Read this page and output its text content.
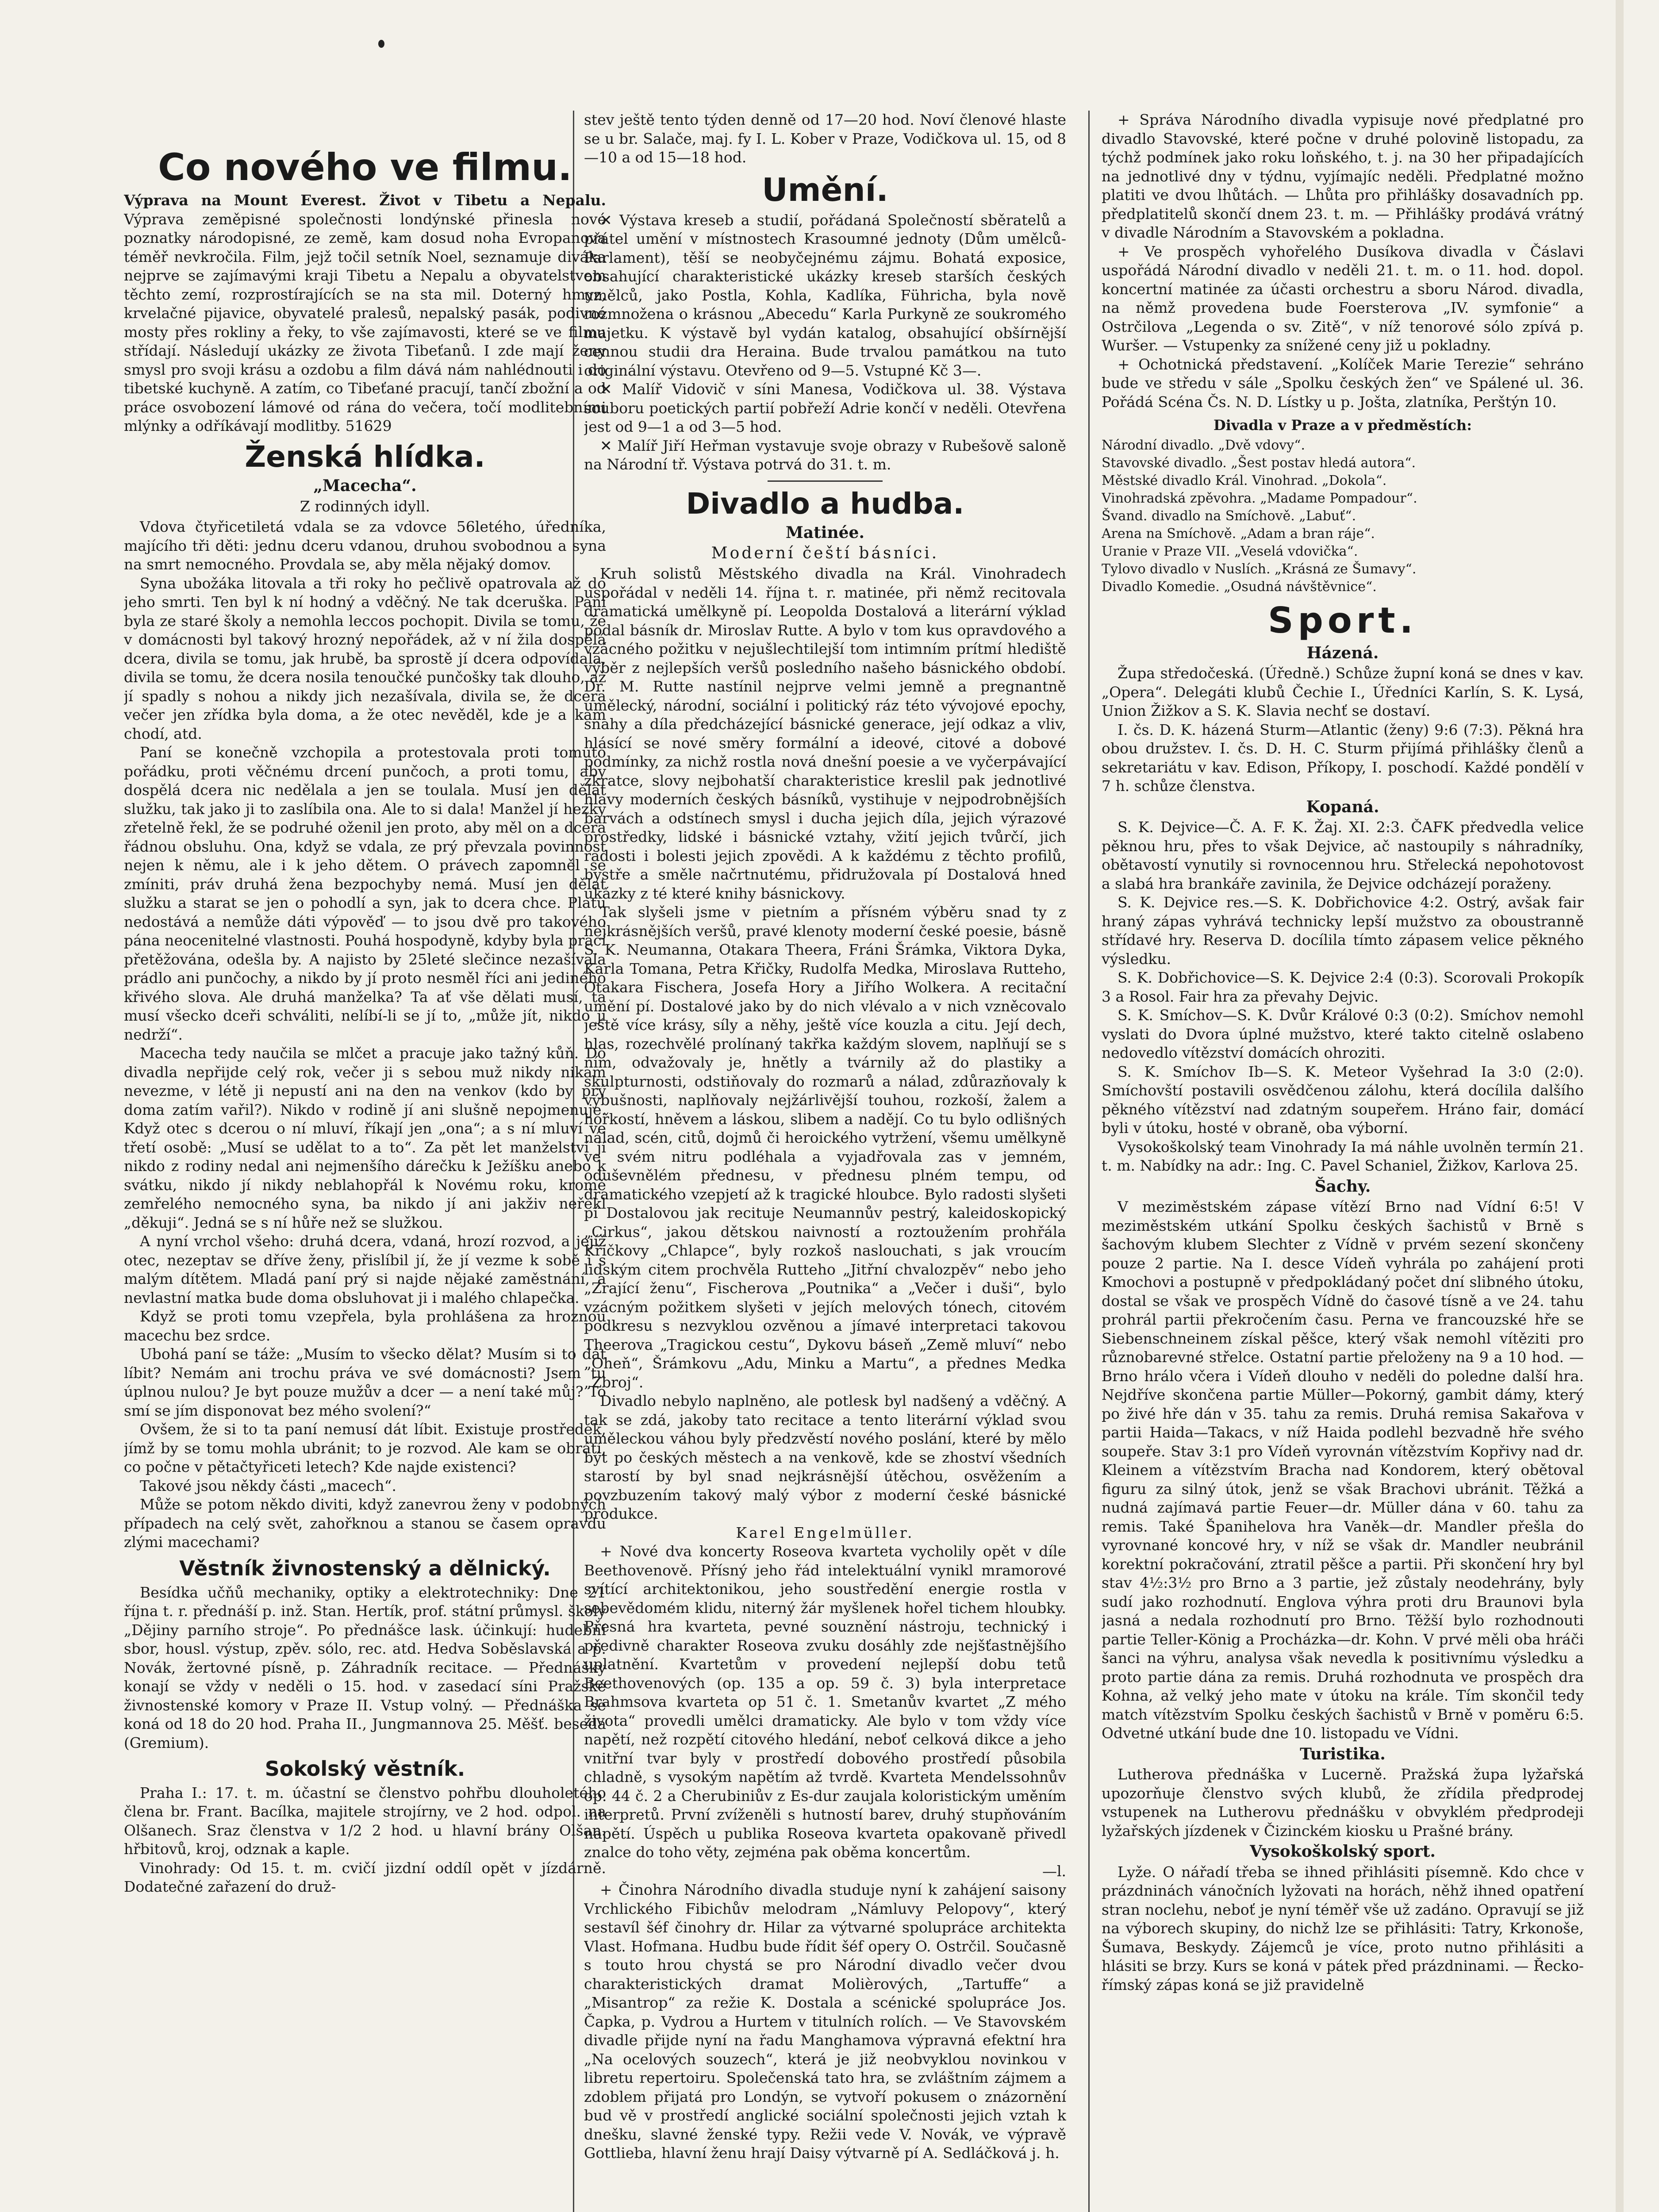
Co nového ve filmu.

Výprava na Mount Everest. Život v Tibetu a Nepalu. Výprava zeměpisné společnosti londýnské přinesla nové poznatky národopisné, ze země, kam dosud noha Evropanova téměř nevkročila. Film, jejž točil setník Noel, seznamuje diváka nejprve se zajímavými kraji Tibetu a Nepalu a obyvatelstvem těchto zemí, rozprostírajících se na sta mil. Doterný hmyz, krvelačné pijavice, obyvatelé pralesů, nepalský pasák, podivné mosty přes rokliny a řeky, to vše zajímavosti, které se ve filmu střídají. Následují ukázky ze života Tibeťanů. I zde mají ženy smysl pro svoji krásu a ozdobu a film dává nám nahlédnouti i do tibetské kuchyně. A zatím, co Tibeťané pracují, tančí zbožní a od práce osvobození lámové od rána do večera, točí modlitebními mlýnky a odříkávají modlitby. 51629

Ženská hlídka.
„Macecha“.
Z rodinných idyll.

Vdova čtyřicetiletá vdala se za vdovce 56letého, úředníka, majícího tři děti: jednu dceru vdanou, druhou svobodnou a syna na smrt nemocného. Provdala se, aby měla nějaký domov.

Syna ubožáka litovala a tři roky ho pečlivě opatrovala až do jeho smrti. Ten byl k ní hodný a vděčný. Ne tak dceruška. Paní byla ze staré školy a nemohla leccos pochopit. Divila se tomu, že v domácnosti byl takový hrozný nepořádek, až v ní žila dospělá dcera, divila se tomu, jak hrubě, ba sprostě jí dcera odpovídala, divila se tomu, že dcera nosila tenoučké punčošky tak dlouho, až jí spadly s nohou a nikdy jich nezašívala, divila se, že dcera večer jen zřídka byla doma, a že otec nevěděl, kde je a kam chodí, atd.

Paní se konečně vzchopila a protestovala proti tomuto pořádku, proti věčnému drcení punčoch, a proti tomu, aby dospělá dcera nic nedělala a jen se toulala. Musí jen dělat služku, tak jako ji to zaslíbila ona. Ale to si dala! Manžel jí hezky zřetelně řekl, že se podruhé oženil jen proto, aby měl on a dcera řádnou obsluhu. Ona, když se vdala, ze prý převzala povinnost nejen k němu, ale i k jeho dětem. O právech zapomněl se zmíniti, práv druhá žena bezpochyby nemá. Musí jen dělat služku a starat se jen o pohodlí a syn, jak to dcera chce. Platu nedostává a nemůže dáti výpověď — to jsou dvě pro takového pána neocenitelné vlastnosti. Pouhá hospodyně, kdyby byla prací přetěžována, odešla by. A najisto by 25leté slečince nezašívala prádlo ani punčochy, a nikdo by jí proto nesměl říci ani jediného křivého slova. Ale druhá manželka? Ta ať vše dělati musí, ta musí všecko dceři schváliti, nelíbí-li se jí to, „může jít, nikdo ji nedrží“.

Macecha tedy naučila se mlčet a pracuje jako tažný kůň. Do divadla nepřijde celý rok, večer ji s sebou muž nikdy nikam nevezme, v létě ji nepustí ani na den na venkov (kdo by prý doma zatím vařil?). Nikdo v rodině jí ani slušně nepojmenuje. Když otec s dcerou o ní mluví, říkají jen „ona“; a s ní mluví ve třetí osobě: „Musí se udělat to a to“. Za pět let manželství jí nikdo z rodiny nedal ani nejmenšího dárečku k Ježíšku anebo k svátku, nikdo jí nikdy neblahopřál k Novému roku, kromě zemřelého nemocného syna, ba nikdo jí ani jakživ neřekl „děkuji“. Jedná se s ní hůře než se služkou.

A nyní vrchol všeho: druhá dcera, vdaná, hrozí rozvod, a jejíž otec, nezeptav se dříve ženy, přislíbil jí, že jí vezme k sobě i s malým dítětem. Mladá paní prý si najde nějaké zaměstnání, a nevlastní matka bude doma obsluhovat ji i malého chlapečka.

Když se proti tomu vzepřela, byla prohlášena za hroznou macechu bez srdce.

Ubohá paní se táže: „Musím to všecko dělat? Musím si to dát líbit? Nemám ani trochu práva ve své domácnosti? Jsem tu úplnou nulou? Je byt pouze mužův a dcer — a není také můj? To smí se jím disponovat bez mého svolení?“

Ovšem, že si to ta paní nemusí dát líbit. Existuje prostředek, jímž by se tomu mohla ubránit; to je rozvod. Ale kam se obrátí, co počne v pětačtyřiceti letech? Kde najde existenci?

Takové jsou někdy části „macech“.

Může se potom někdo diviti, když zanevrou ženy v podobných případech na celý svět, zahořknou a stanou se časem opravdu zlými macechami?

Věstník živnostenský a dělnický.

Besídka učňů mechaniky, optiky a elektrotechniky: Dne 21 října t. r. přednáší p. inž. Stan. Hertík, prof. státní průmysl. školy „Dějiny parního stroje“. Po přednášce lask. účinkují: hudební sbor, housl. výstup, zpěv. sólo, rec. atd. Hedva Soběslavská a p. Novák, žertovné písně, p. Záhradník recitace. — Přednášky konají se vždy v neděli o 15. hod. v zasedací síni Pražské živnostenské komory v Praze II. Vstup volný. — Přednáška se koná od 18 do 20 hod. Praha II., Jungmannova 25. Měšť. beseda (Gremium).

Sokolský věstník.

Praha I.: 17. t. m. účastní se členstvo pohřbu dlouholetého člena br. Frant. Bacílka, majitele strojírny, ve 2 hod. odpol. na Olšanech. Sraz členstva v 1/2 2 hod. u hlavní brány Olšan. hřbitovů, kroj, odznak a kaple.

Vinohrady: Od 15. t. m. cvičí jizdní oddíl opět v jízdárně. Dodatečné zařazení do druž-

stev ještě tento týden denně od 17—20 hod. Noví členové hlaste se u br. Salače, maj. fy I. L. Kober v Praze, Vodičkova ul. 15, od 8—10 a od 15—18 hod.

Umění.

✕ Výstava kreseb a studií, pořádaná Společností sběratelů a přátel umění v místnostech Krasoumné jednoty (Dům umělců-Parlament), těší se neobyčejnému zájmu. Bohatá exposice, obsahující charakteristické ukázky kreseb starších českých umělců, jako Postla, Kohla, Kadlíka, Führicha, byla nově rozmnožena o krásnou „Abecedu“ Karla Purkyně ze soukromého majetku. K výstavě byl vydán katalog, obsahující obšírnější cennou studii dra Heraina. Bude trvalou památkou na tuto originální výstavu. Otevřeno od 9—5. Vstupné Kč 3—.

✕ Malíř Vidovič v síni Manesa, Vodičkova ul. 38. Výstava souboru poetických partií pobřeží Adrie končí v neděli. Otevřena jest od 9—1 a od 3—5 hod.

✕ Malíř Jiří Heřman vystavuje svoje obrazy v Rubešově saloně na Národní tř. Výstava potrvá do 31. t. m.

Divadlo a hudba.
Matinée.
Moderní čeští básníci.

Kruh solistů Městského divadla na Král. Vinohradech uspořádal v neděli 14. října t. r. matinée, při němž recitovala dramatická umělkyně pí. Leopolda Dostalová a literární výklad podal básník dr. Miroslav Rutte. A bylo v tom kus opravdového a vzácného požitku v nejušlechtilejší tom intimním prítmí hlediště výběr z nejlepších veršů posledního našeho básnického období. Dr. M. Rutte nastínil nejprve velmi jemně a pregnantně umělecký, národní, sociální i politický ráz této vývojové epochy, snahy a díla předcházející básnické generace, její odkaz a vliv, hlásící se nové směry formální a ideové, citové a dobové podmínky, za nichž rostla nová dnešní poesie a ve vyčerpávající zkratce, slovy nejbohatší charakteristice kreslil pak jednotlivé hlavy moderních českých básníků, vystihuje v nejpodrobnějších barvách a odstínech smysl i ducha jejich díla, jejich výrazové prostředky, lidské i básnické vztahy, vžití jejich tvůrčí, jich radosti i bolesti jejich zpovědi. A k každému z těchto profilů, bystře a směle načrtnutému, přidružovala pí Dostalová hned ukázky z té které knihy básnickovy.

Tak slyšeli jsme v pietním a přísném výběru snad ty z nejkrásnějších veršů, pravé klenoty moderní české poesie, básně S. K. Neumanna, Otakara Theera, Fráni Šrámka, Viktora Dyka, Karla Tomana, Petra Křičky, Rudolfa Medka, Miroslava Rutteho, Otakara Fischera, Josefa Hory a Jiřího Wolkera. A recitační umění pí. Dostalové jako by do nich vlévalo a v nich vzněcovalo ještě více krásy, síly a něhy, ještě více kouzla a citu. Její dech, hlas, rozechvělé prolínaný takřka každým slovem, naplňují se s ním, odvažovaly je, hnětly a tvárnily až do plastiky a skulpturnosti, odstiňovaly do rozmarů a nálad, zdůrazňovaly k výbušnosti, naplňovaly nejžárlivější touhou, rozkoší, žalem a hořkostí, hněvem a láskou, slibem a nadějí. Co tu bylo odlišných nálad, scén, citů, dojmů či heroického vytržení, všemu umělkyně ve svém nitru podléhala a vyjadřovala zas v jemném, oduševnělém přednesu, v přednesu plném tempu, od dramatického vzepjetí až k tragické hloubce. Bylo radosti slyšeti pí Dostalovou jak recituje Neumannův pestrý, kaleidoskopický „Cirkus“, jakou dětskou naivností a roztoužením prohřála Křičkovy „Chlapce“, byly rozkoš naslouchati, s jak vroucím lidským citem prochvěla Rutteho „Jitřní chvalozpěv“ nebo jeho „Zrající ženu“, Fischerova „Poutnika“ a „Večer i duši“, bylo vzácným požitkem slyšeti v jejích melových tónech, citovém podkresu s nezvyklou ozvěnou a jímavé interpretaci takovou Theerova „Tragickou cestu“, Dykovu báseň „Země mluví“ nebo „Oheň“, Šrámkovu „Adu, Minku a Martu“, a přednes Medka „Zbroj“.

Divadlo nebylo naplněno, ale potlesk byl nadšený a vděčný. A tak se zdá, jakoby tato recitace a tento literární výklad svou uměleckou váhou byly předzvěstí nového poslání, které by mělo být po českých městech a na venkově, kde se zhoství všedních starostí by byl snad nejkrásnější útěchou, osvěžením a povzbuzením takový malý výbor z moderní české básnické produkce.

Karel Engelmüller.

+ Nové dva koncerty Roseova kvarteta vycholily opět v díle Beethovenově. Přísný jeho řád intelektuální vynikl mramorové svítící architektonikou, jeho soustředění energie rostla v sebevědomém klidu, niterný žár myšlenek hořel tichem hloubky. Přesná hra kvarteta, pevné souznění nástroju, technický i předivně charakter Roseova zvuku dosáhly zde nejšťastnějšího uplatnění. Kvartetům v provedení nejlepší dobu tetů Beethovenových (op. 135 a op. 59 č. 3) byla interpretace Brahmsova kvarteta op 51 č. 1. Smetanův kvartet „Z mého života“ provedli umělci dramaticky. Ale bylo v tom vždy více napětí, než rozpětí citového hledání, neboť celková dikce a jeho vnitřní tvar byly v prostředí dobového prostředí působila chladně, s vysokým napětím až tvrdě. Kvarteta Mendelssohnův op. 44 č. 2 a Cherubiniův z Es-dur zaujala koloristickým uměním interpretů. První zvíženěli s hutností barev, druhý stupňováním napětí. Úspěch u publika Roseova kvarteta opakovaně přivedl znalce do toho věty, zejména pak oběma koncertům.

—l.

+ Činohra Národního divadla studuje nyní k zahájení saisony Vrchlického Fibichův melodram „Námluvy Pelopovy“, který sestavíl šéf činohry dr. Hilar za výtvarné spolupráce architekta Vlast. Hofmana. Hudbu bude řídit šéf opery O. Ostrčil. Současně s touto hrou chystá se pro Národní divadlo večer dvou charakteristických dramat Molièrových, „Tartuffe“ a „Misantrop“ za režie K. Dostala a scénické spolupráce Jos. Čapka, p. Vydrou a Hurtem v titulních rolích. — Ve Stavovském divadle přijde nyní na řadu Manghamova výpravná efektní hra „Na ocelových souzech“, která je již neobvyklou novinkou v libretu repertoiru. Společenská tato hra, se zvláštním zájmem a zdoblem přijatá pro Londýn, se vytvoří pokusem o znázornění bud vě v prostředí anglické sociální společnosti jejich vztah k dnešku, slavné ženské typy. Režii vede V. Novák, ve výpravě Gottlieba, hlavní ženu hrají Daisy výtvarně pí A. Sedláčková j. h.

+ Správa Národního divadla vypisuje nové předplatné pro divadlo Stavovské, které počne v druhé polovině listopadu, za týchž podmínek jako roku loňského, t. j. na 30 her připadajících na jednotlivé dny v týdnu, vyjímajíc neděli. Předplatné možno platiti ve dvou lhůtách. — Lhůta pro přihlášky dosavadních pp. předplatitelů skončí dnem 23. t. m. — Přihlášky prodává vrátný v divadle Národním a Stavovském a pokladna.

+ Ve prospěch vyhořelého Dusíkova divadla v Čáslavi uspořádá Národní divadlo v neděli 21. t. m. o 11. hod. dopol. koncertní matinée za účasti orchestru a sboru Národ. divadla, na němž provedena bude Foersterova „IV. symfonie“ a Ostrčilova „Legenda o sv. Zitě“, v níž tenorové sólo zpívá p. Wuršer. — Vstupenky za snížené ceny již u pokladny.

+ Ochotnická představení. „Kolíček Marie Terezie“ sehráno bude ve středu v sále „Spolku českých žen“ ve Spálené ul. 36. Pořádá Scéna Čs. N. D. Lístky u p. Jošta, zlatníka, Perštýn 10.

Divadla v Praze a v předměstích:
Národní divadlo. „Dvě vdovy“.
Stavovské divadlo. „Šest postav hledá autora“.
Městské divadlo Král. Vinohrad. „Dokola“.
Vinohradská zpěvohra. „Madame Pompadour“.
Švand. divadlo na Smíchově. „Labuť“.
Arena na Smíchově. „Adam a bran ráje“.
Uranie v Praze VII. „Veselá vdovička“.
Tylovo divadlo v Nuslích. „Krásná ze Šumavy“.
Divadlo Komedie. „Osudná návštěvnice“.
Sport.
Házená.

Župa středočeská. (Úředně.) Schůze župní koná se dnes v kav. „Opera“. Delegáti klubů Čechie I., Úředníci Karlín, S. K. Lysá, Union Žižkov a S. K. Slavia nechť se dostaví.

I. čs. D. K. házená Sturm—Atlantic (ženy) 9:6 (7:3). Pěkná hra obou družstev. I. čs. D. H. C. Sturm přijímá přihlášky členů a sekretariátu v kav. Edison, Příkopy, I. poschodí. Každé pondělí v 7 h. schůze členstva.

Kopaná.

S. K. Dejvice—Č. A. F. K. Žaj. XI. 2:3. ČAFK předvedla velice pěknou hru, přes to však Dejvice, ač nastoupily s náhradníky, obětavostí vynutily si rovnocennou hru. Střelecká nepohotovost a slabá hra brankáře zavinila, že Dejvice odcházejí poraženy.

S. K. Dejvice res.—S. K. Dobřichovice 4:2. Ostrý, avšak fair hraný zápas vyhrává technicky lepší mužstvo za oboustranně střídavé hry. Reserva D. docílila tímto zápasem velice pěkného výsledku.

S. K. Dobřichovice—S. K. Dejvice 2:4 (0:3). Scorovali Prokopík 3 a Rosol. Fair hra za převahy Dejvic.

S. K. Smíchov—S. K. Dvůr Králové 0:3 (0:2). Smíchov nemohl vyslati do Dvora úplné mužstvo, které takto citelně oslabeno nedovedlo vítězství domácích ohroziti.

S. K. Smíchov Ib—S. K. Meteor Vyšehrad Ia 3:0 (2:0). Smíchovští postavili osvědčenou zálohu, která docílila dalšího pěkného vítězství nad zdatným soupeřem. Hráno fair, domácí byli v útoku, hosté v obraně, oba výborní.

Vysokoškolský team Vinohrady Ia má náhle uvolněn termín 21. t. m. Nabídky na adr.: Ing. C. Pavel Schaniel, Žižkov, Karlova 25.

Šachy.

V meziměstském zápase vítězí Brno nad Vídní 6:5! V meziměstském utkání Spolku českých šachistů v Brně s šachovým klubem Slechter z Vídně v prvém sezení skončeny pouze 2 partie. Na I. desce Vídeň vyhrála po zahájení proti Kmochovi a postupně v předpokládaný počet dní slibného útoku, dostal se však ve prospěch Vídně do časové tísně a ve 24. tahu prohrál partii překročením času. Perna ve francouzské hře se Siebenschneinem získal pěšce, který však nemohl vítěziti pro různobarevné střelce. Ostatní partie přeloženy na 9 a 10 hod. — Brno hrálo včera i Vídeň dlouho v neděli do poledne další hra. Nejdříve skončena partie Müller—Pokorný, gambit dámy, který po živé hře dán v 35. tahu za remis. Druhá remisa Sakařova v partii Haida—Takacs, v níž Haida podlehl bezvadně hře svého soupeře. Stav 3:1 pro Vídeň vyrovnán vítězstvím Kopřivy nad dr. Kleinem a vítězstvím Bracha nad Kondorem, který obětoval figuru za silný útok, jenž se však Brachovi ubránit. Těžká a nudná zajímavá partie Feuer—dr. Müller dána v 60. tahu za remis. Také Španihelova hra Vaněk—dr. Mandler přešla do vyrovnané koncové hry, v níž se však dr. Mandler neubránil korektní pokračování, ztratil pěšce a partii. Při skončení hry byl stav 4½:3½ pro Brno a 3 partie, jež zůstaly neodehrány, byly sudí jako rozhodnutí. Englova výhra proti dru Braunovi byla jasná a nedala rozhodnutí pro Brno. Těžší bylo rozhodnouti partie Teller-König a Procházka—dr. Kohn. V prvé měli oba hráči šanci na výhru, analysa však nevedla k positivnímu výsledku a proto partie dána za remis. Druhá rozhodnuta ve prospěch dra Kohna, až velký jeho mate v útoku na krále. Tím skončil tedy match vítězstvím Spolku českých šachistů v Brně v poměru 6:5. Odvetné utkání bude dne 10. listopadu ve Vídni.

Turistika.

Lutherova přednáška v Lucerně. Pražská župa lyžařská upozorňuje členstvo svých klubů, že zřídila předprodej vstupenek na Lutherovu přednášku v obvyklém předprodeji lyžařských jízdenek v Čizinckém kiosku u Prašné brány.

Vysokoškolský sport.

Lyže. O nářadí třeba se ihned přihlásiti písemně. Kdo chce v prázdninách vánočních lyžovati na horách, něhž ihned opatření stran noclehu, neboť je nyní téměř vše už zadáno. Opravují se již na výborech skupiny, do nichž lze se přihlásiti: Tatry, Krkonoše, Šumava, Beskydy. Zájemců je více, proto nutno přihlásiti a hlásiti se brzy. Kurs se koná v pátek před prázdninami. — Řecko-římský zápas koná se již pravidelně
